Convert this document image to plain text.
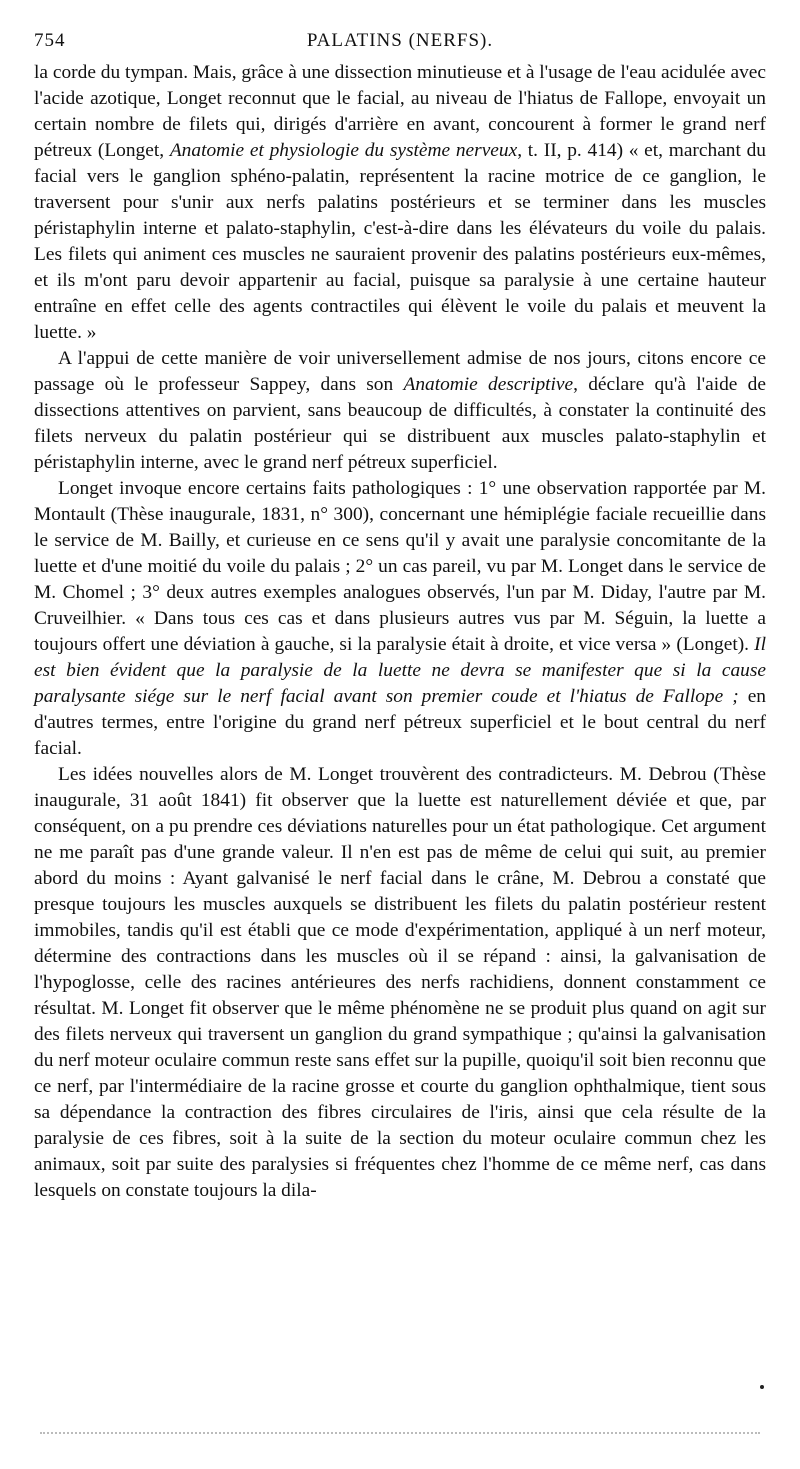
754	PALATINS (NERFS).

la corde du tympan. Mais, grâce à une dissection minutieuse et à l'usage de l'eau acidulée avec l'acide azotique, Longet reconnut que le facial, au niveau de l'hiatus de Fallope, envoyait un certain nombre de filets qui, dirigés d'arrière en avant, concourent à former le grand nerf pétreux (Longet, Anatomie et physiologie du système nerveux, t. II, p. 414) « et, marchant du facial vers le ganglion sphéno-palatin, représentent la racine motrice de ce ganglion, le traversent pour s'unir aux nerfs palatins postérieurs et se terminer dans les muscles péristaphylin interne et palato-staphylin, c'est-à-dire dans les élévateurs du voile du palais. Les filets qui animent ces muscles ne sauraient provenir des palatins postérieurs eux-mêmes, et ils m'ont paru devoir appartenir au facial, puisque sa paralysie à une certaine hauteur entraîne en effet celle des agents contractiles qui élèvent le voile du palais et meuvent la luette. »

A l'appui de cette manière de voir universellement admise de nos jours, citons encore ce passage où le professeur Sappey, dans son Anatomie descriptive, déclare qu'à l'aide de dissections attentives on parvient, sans beaucoup de difficultés, à constater la continuité des filets nerveux du palatin postérieur qui se distribuent aux muscles palato-staphylin et péristaphylin interne, avec le grand nerf pétreux superficiel.

Longet invoque encore certains faits pathologiques : 1° une observation rapportée par M. Montault (Thèse inaugurale, 1831, n° 300), concernant une hémiplégie faciale recueillie dans le service de M. Bailly, et curieuse en ce sens qu'il y avait une paralysie concomitante de la luette et d'une moitié du voile du palais ; 2° un cas pareil, vu par M. Longet dans le service de M. Chomel ; 3° deux autres exemples analogues observés, l'un par M. Diday, l'autre par M. Cruveilhier. « Dans tous ces cas et dans plusieurs autres vus par M. Séguin, la luette a toujours offert une déviation à gauche, si la paralysie était à droite, et vice versa » (Longet). Il est bien évident que la paralysie de la luette ne devra se manifester que si la cause paralysante siége sur le nerf facial avant son premier coude et l'hiatus de Fallope ; en d'autres termes, entre l'origine du grand nerf pétreux superficiel et le bout central du nerf facial.

Les idées nouvelles alors de M. Longet trouvèrent des contradicteurs. M. Debrou (Thèse inaugurale, 31 août 1841) fit observer que la luette est naturellement déviée et que, par conséquent, on a pu prendre ces déviations naturelles pour un état pathologique. Cet argument ne me paraît pas d'une grande valeur. Il n'en est pas de même de celui qui suit, au premier abord du moins : Ayant galvanisé le nerf facial dans le crâne, M. Debrou a constaté que presque toujours les muscles auxquels se distribuent les filets du palatin postérieur restent immobiles, tandis qu'il est établi que ce mode d'expérimentation, appliqué à un nerf moteur, détermine des contractions dans les muscles où il se répand : ainsi, la galvanisation de l'hypoglosse, celle des racines antérieures des nerfs rachidiens, donnent constamment ce résultat. M. Longet fit observer que le même phénomène ne se produit plus quand on agit sur des filets nerveux qui traversent un ganglion du grand sympathique ; qu'ainsi la galvanisation du nerf moteur oculaire commun reste sans effet sur la pupille, quoiqu'il soit bien reconnu que ce nerf, par l'intermédiaire de la racine grosse et courte du ganglion ophthalmique, tient sous sa dépendance la contraction des fibres circulaires de l'iris, ainsi que cela résulte de la paralysie de ces fibres, soit à la suite de la section du moteur oculaire commun chez les animaux, soit par suite des paralysies si fréquentes chez l'homme de ce même nerf, cas dans lesquels on constate toujours la dila-
